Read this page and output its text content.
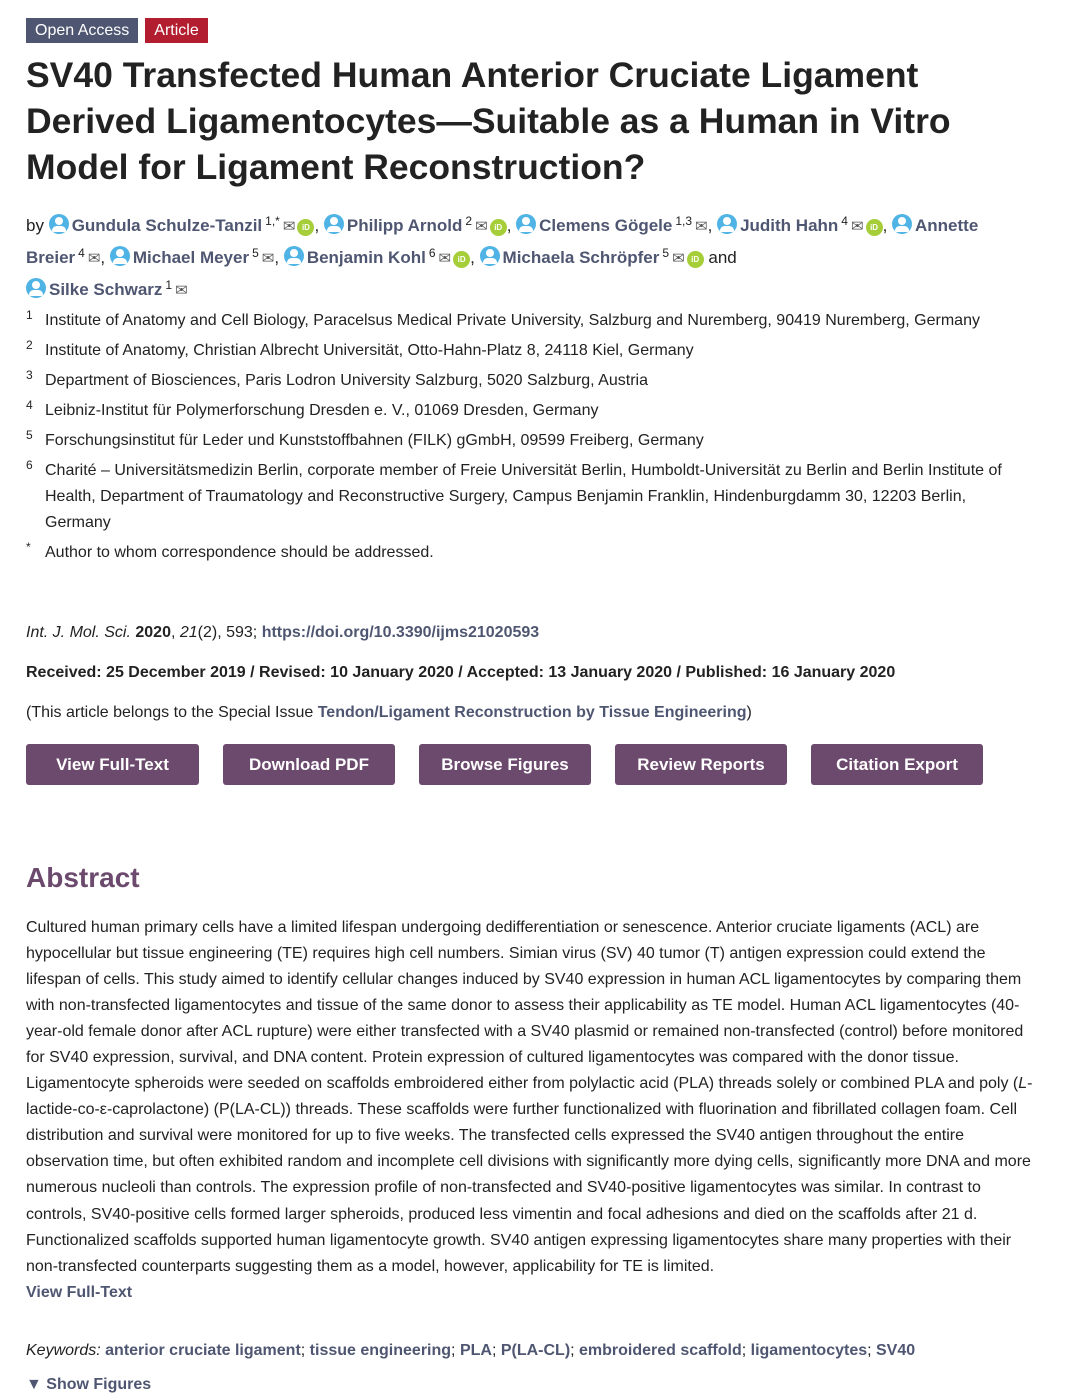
Open Access	Article
SV40 Transfected Human Anterior Cruciate Ligament Derived Ligamentocytes—Suitable as a Human in Vitro Model for Ligament Reconstruction?
by Gundula Schulze-Tanzil $^{1,*}$ ✉ iD , Philipp Arnold $^2$ ✉ iD , Clemens Gögele $^{1,3}$ ✉, Judith Hahn $^4$ ✉ iD , Annette Breier $^4$ ✉, Michael Meyer $^5$ ✉, Benjamin Kohl $^6$ ✉ iD , Michaela Schröpfer $^5$ ✉ iD and
Silke Schwarz $^1$ ✉
1 Institute of Anatomy and Cell Biology, Paracelsus Medical Private University, Salzburg and Nuremberg, 90419 Nuremberg, Germany
2 Institute of Anatomy, Christian Albrecht Universität, Otto-Hahn-Platz 8, 24118 Kiel, Germany
3 Department of Biosciences, Paris Lodron University Salzburg, 5020 Salzburg, Austria
4 Leibniz-Institut für Polymerforschung Dresden e. V., 01069 Dresden, Germany
5 Forschungsinstitut für Leder und Kunststoffbahnen (FILK) gGmbH, 09599 Freiberg, Germany
6 Charité – Universitätsmedizin Berlin, corporate member of Freie Universität Berlin, Humboldt-Universität zu Berlin and Berlin Institute of Health, Department of Traumatology and Reconstructive Surgery, Campus Benjamin Franklin, Hindenburgdamm 30, 12203 Berlin, Germany
* Author to whom correspondence should be addressed.
Int. J. Mol. Sci. 2020, 21(2), 593; https://doi.org/10.3390/ijms21020593
Received: 25 December 2019 / Revised: 10 January 2020 / Accepted: 13 January 2020 / Published: 16 January 2020
(This article belongs to the Special Issue Tendon/Ligament Reconstruction by Tissue Engineering)
View Full-Text	Download PDF	Browse Figures	Review Reports	Citation Export
Abstract

Cultured human primary cells have a limited lifespan undergoing dedifferentiation or senescence. Anterior cruciate ligaments (ACL) are hypocellular but tissue engineering (TE) requires high cell numbers. Simian virus (SV) 40 tumor (T) antigen expression could extend the lifespan of cells. This study aimed to identify cellular changes induced by SV40 expression in human ACL ligamentocytes by comparing them with non-transfected ligamentocytes and tissue of the same donor to assess their applicability as TE model. Human ACL ligamentocytes (40-year-old female donor after ACL rupture) were either transfected with a SV40 plasmid or remained non-transfected (control) before monitored for SV40 expression, survival, and DNA content. Protein expression of cultured ligamentocytes was compared with the donor tissue. Ligamentocyte spheroids were seeded on scaffolds embroidered either from polylactic acid (PLA) threads solely or combined PLA and poly (L-lactide-co-ε-caprolactone) (P(LA-CL)) threads. These scaffolds were further functionalized with fluorination and fibrillated collagen foam. Cell distribution and survival were monitored for up to five weeks. The transfected cells expressed the SV40 antigen throughout the entire observation time, but often exhibited random and incomplete cell divisions with significantly more dying cells, significantly more DNA and more numerous nucleoli than controls. The expression profile of non-transfected and SV40-positive ligamentocytes was similar. In contrast to controls, SV40-positive cells formed larger spheroids, produced less vimentin and focal adhesions and died on the scaffolds after 21 d. Functionalized scaffolds supported human ligamentocyte growth. SV40 antigen expressing ligamentocytes share many properties with their non-transfected counterparts suggesting them as a model, however, applicability for TE is limited.
View Full-Text

Keywords: anterior cruciate ligament; tissue engineering; PLA; P(LA-CL); embroidered scaffold; ligamentocytes; SV40
▼ Show Figures
